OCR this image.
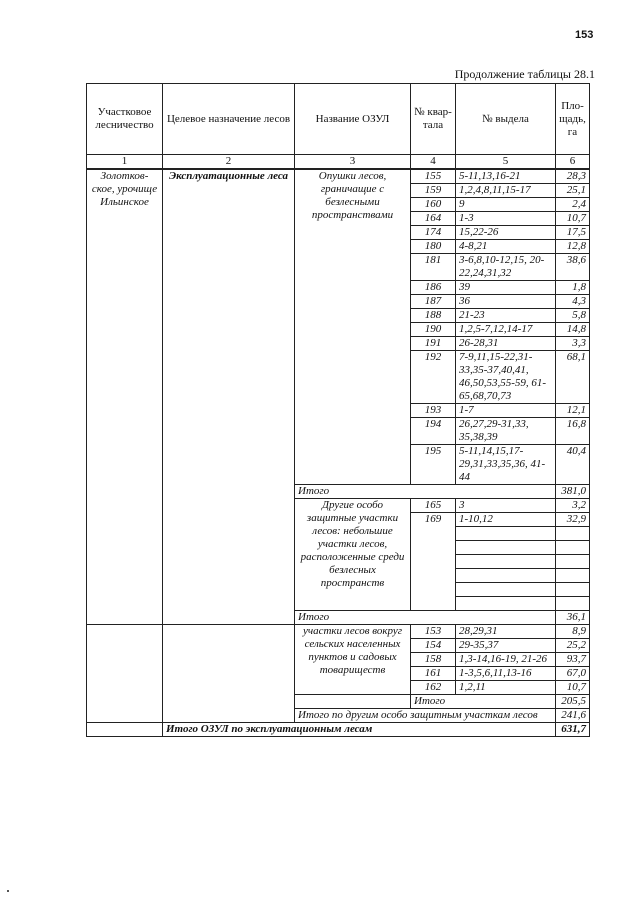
153
Продолжение таблицы 28.1
Участковое лесничество	Целевое назначение лесов	Название ОЗУЛ	№ квар-тала	№ выдела	Пло-щадь, га
1	2	3	4	5	6
Золотков-ское, урочище Ильинское	Эксплуатационные леса	Опушки лесов, граничащие с безлесными пространствами	155	5-11,13,16-21	28,3
			159	1,2,4,8,11,15-17	25,1
			160	9	2,4
			164	1-3	10,7
			174	15,22-26	17,5
			180	4-8,21	12,8
			181	3-6,8,10-12,15, 20-22,24,31,32	38,6
			186	39	1,8
			187	36	4,3
			188	21-23	5,8
			190	1,2,5-7,12,14-17	14,8
			191	26-28,31	3,3
			192	7-9,11,15-22,31-33,35-37,40,41, 46,50,53,55-59, 61-65,68,70,73	68,1
			193	1-7	12,1
			194	26,27,29-31,33, 35,38,39	16,8
			195	5-11,14,15,17-29,31,33,35,36, 41-44	40,4
		Итого			381,0
		Другие особо защитные участки лесов: небольшие участки лесов, расположенные среди безлесных пространств	165	3	3,2
			169	1-10,12	32,9

		Итого			36,1
		участки лесов вокруг сельских населенных пунктов и садовых товариществ	153	28,29,31	8,9
			154	29-35,37	25,2
			158	1,3-14,16-19, 21-26	93,7
			161	1-3,5,6,11,13-16	67,0
			162	1,2,11	10,7
			Итого		205,5
		Итого по другим особо защитным участкам лесов			241,6
	Итого ОЗУЛ по эксплуатационным лесам				631,7
